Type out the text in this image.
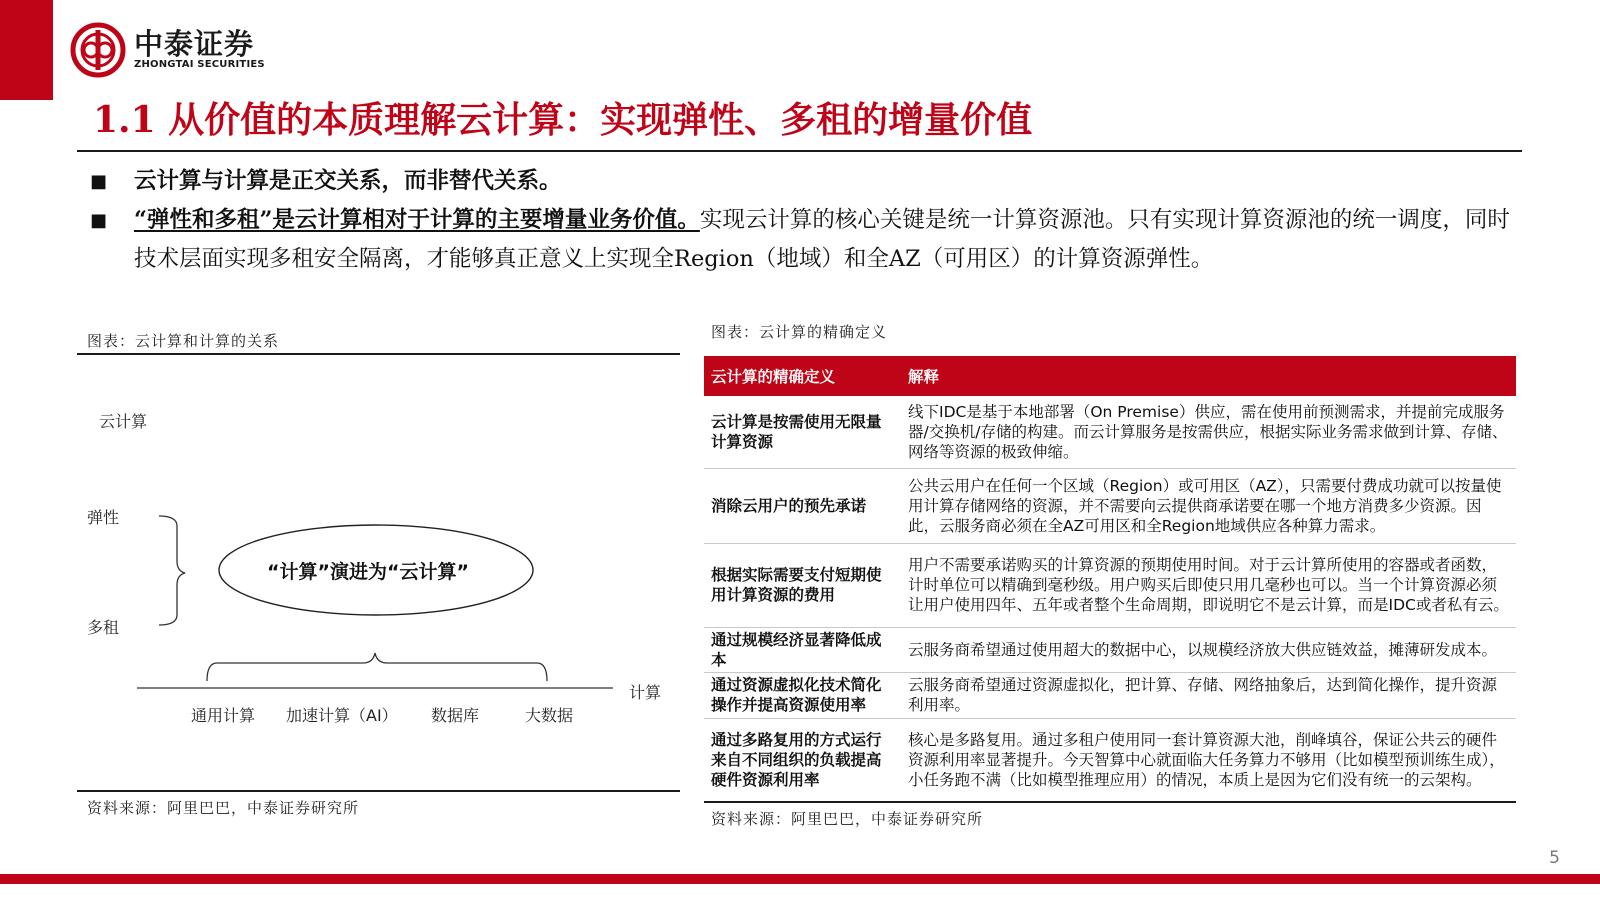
中泰证券
ZHONGTAI SECURITIES
1.1 从价值的本质理解云计算：实现弹性、多租的增量价值
■	云计算与计算是正交关系，而非替代关系。
■	“弹性和多租”是云计算相对于计算的主要增量业务价值。实现云计算的核心关键是统一计算资源池。只有实现计算资源池的统一调度，同时技术层面实现多租安全隔离，才能够真正意义上实现全Region（地域）和全AZ（可用区）的计算资源弹性。
图表：云计算和计算的关系
云计算
弹性
多租
“计算”演进为“云计算”
计算
通用计算 加速计算（AI） 数据库	大数据
资料来源：阿里巴巴，中泰证券研究所
图表：云计算的精确定义
云计算的精确定义	解释
云计算是按需使用无限量计算资源	线下IDC是基于本地部署（On Premise）供应，需在使用前预测需求，并提前完成服务器/交换机/存储的构建。而云计算服务是按需供应，根据实际业务需求做到计算、存储、网络等资源的极致伸缩。
消除云用户的预先承诺	公共云用户在任何一个区域（Region）或可用区（AZ），只需要付费成功就可以按量使用计算存储网络的资源，并不需要向云提供商承诺要在哪一个地方消费多少资源。因此，云服务商必须在全AZ可用区和全Region地域供应各种算力需求。
根据实际需要支付短期使用计算资源的费用	用户不需要承诺购买的计算资源的预期使用时间。对于云计算所使用的容器或者函数，计时单位可以精确到毫秒级。用户购买后即使只用几毫秒也可以。当一个计算资源必须让用户使用四年、五年或者整个生命周期，即说明它不是云计算，而是IDC或者私有云。
通过规模经济显著降低成本	云服务商希望通过使用超大的数据中心，以规模经济放大供应链效益，摊薄研发成本。
通过资源虚拟化技术简化操作并提高资源使用率	云服务商希望通过资源虚拟化，把计算、存储、网络抽象后，达到简化操作，提升资源利用率。
通过多路复用的方式运行来自不同组织的负载提高硬件资源利用率	核心是多路复用。通过多租户使用同一套计算资源大池，削峰填谷，保证公共云的硬件资源利用率显著提升。今天智算中心就面临大任务算力不够用（比如模型预训练生成），小任务跑不满（比如模型推理应用）的情况，本质上是因为它们没有统一的云架构。
资料来源：阿里巴巴，中泰证券研究所
5
